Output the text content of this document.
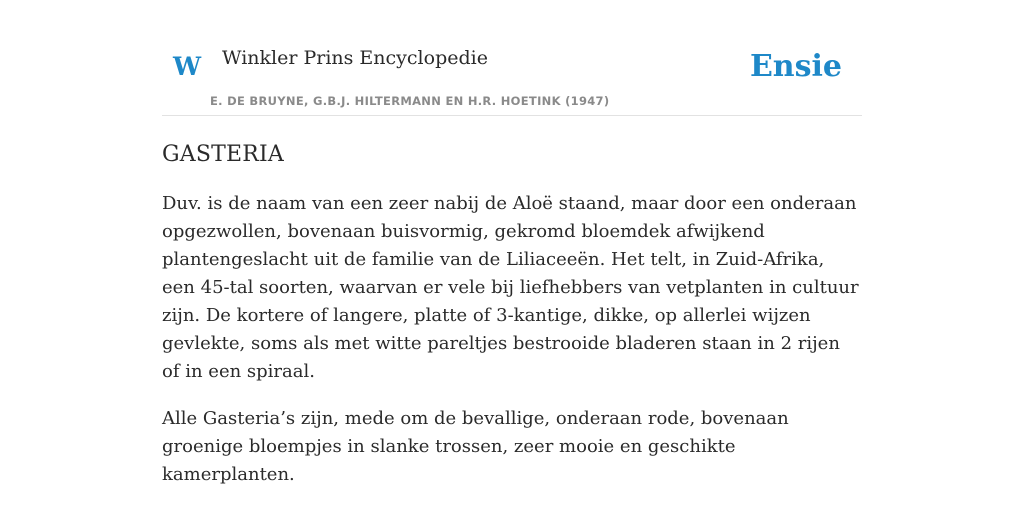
W Winkler Prins Encyclopedie
E. DE BRUYNE, G.B.J. HILTERMANN EN H.R. HOETINK (1947)
Ensie
GASTERIA

Duv. is de naam van een zeer nabij de Aloë staand, maar door een onderaan opgezwollen, bovenaan buisvormig, gekromd bloemdek afwijkend plantengeslacht uit de familie van de Liliaceeën. Het telt, in Zuid-Afrika, een 45-tal soorten, waarvan er vele bij liefhebbers van vetplanten in cultuur zijn. De kortere of langere, platte of 3-kantige, dikke, op allerlei wijzen gevlekte, soms als met witte pareltjes bestrooide bladeren staan in 2 rijen of in een spiraal.

Alle Gasteria’s zijn, mede om de bevallige, onderaan rode, bovenaan groenige bloempjes in slanke trossen, zeer mooie en geschikte kamerplanten.
